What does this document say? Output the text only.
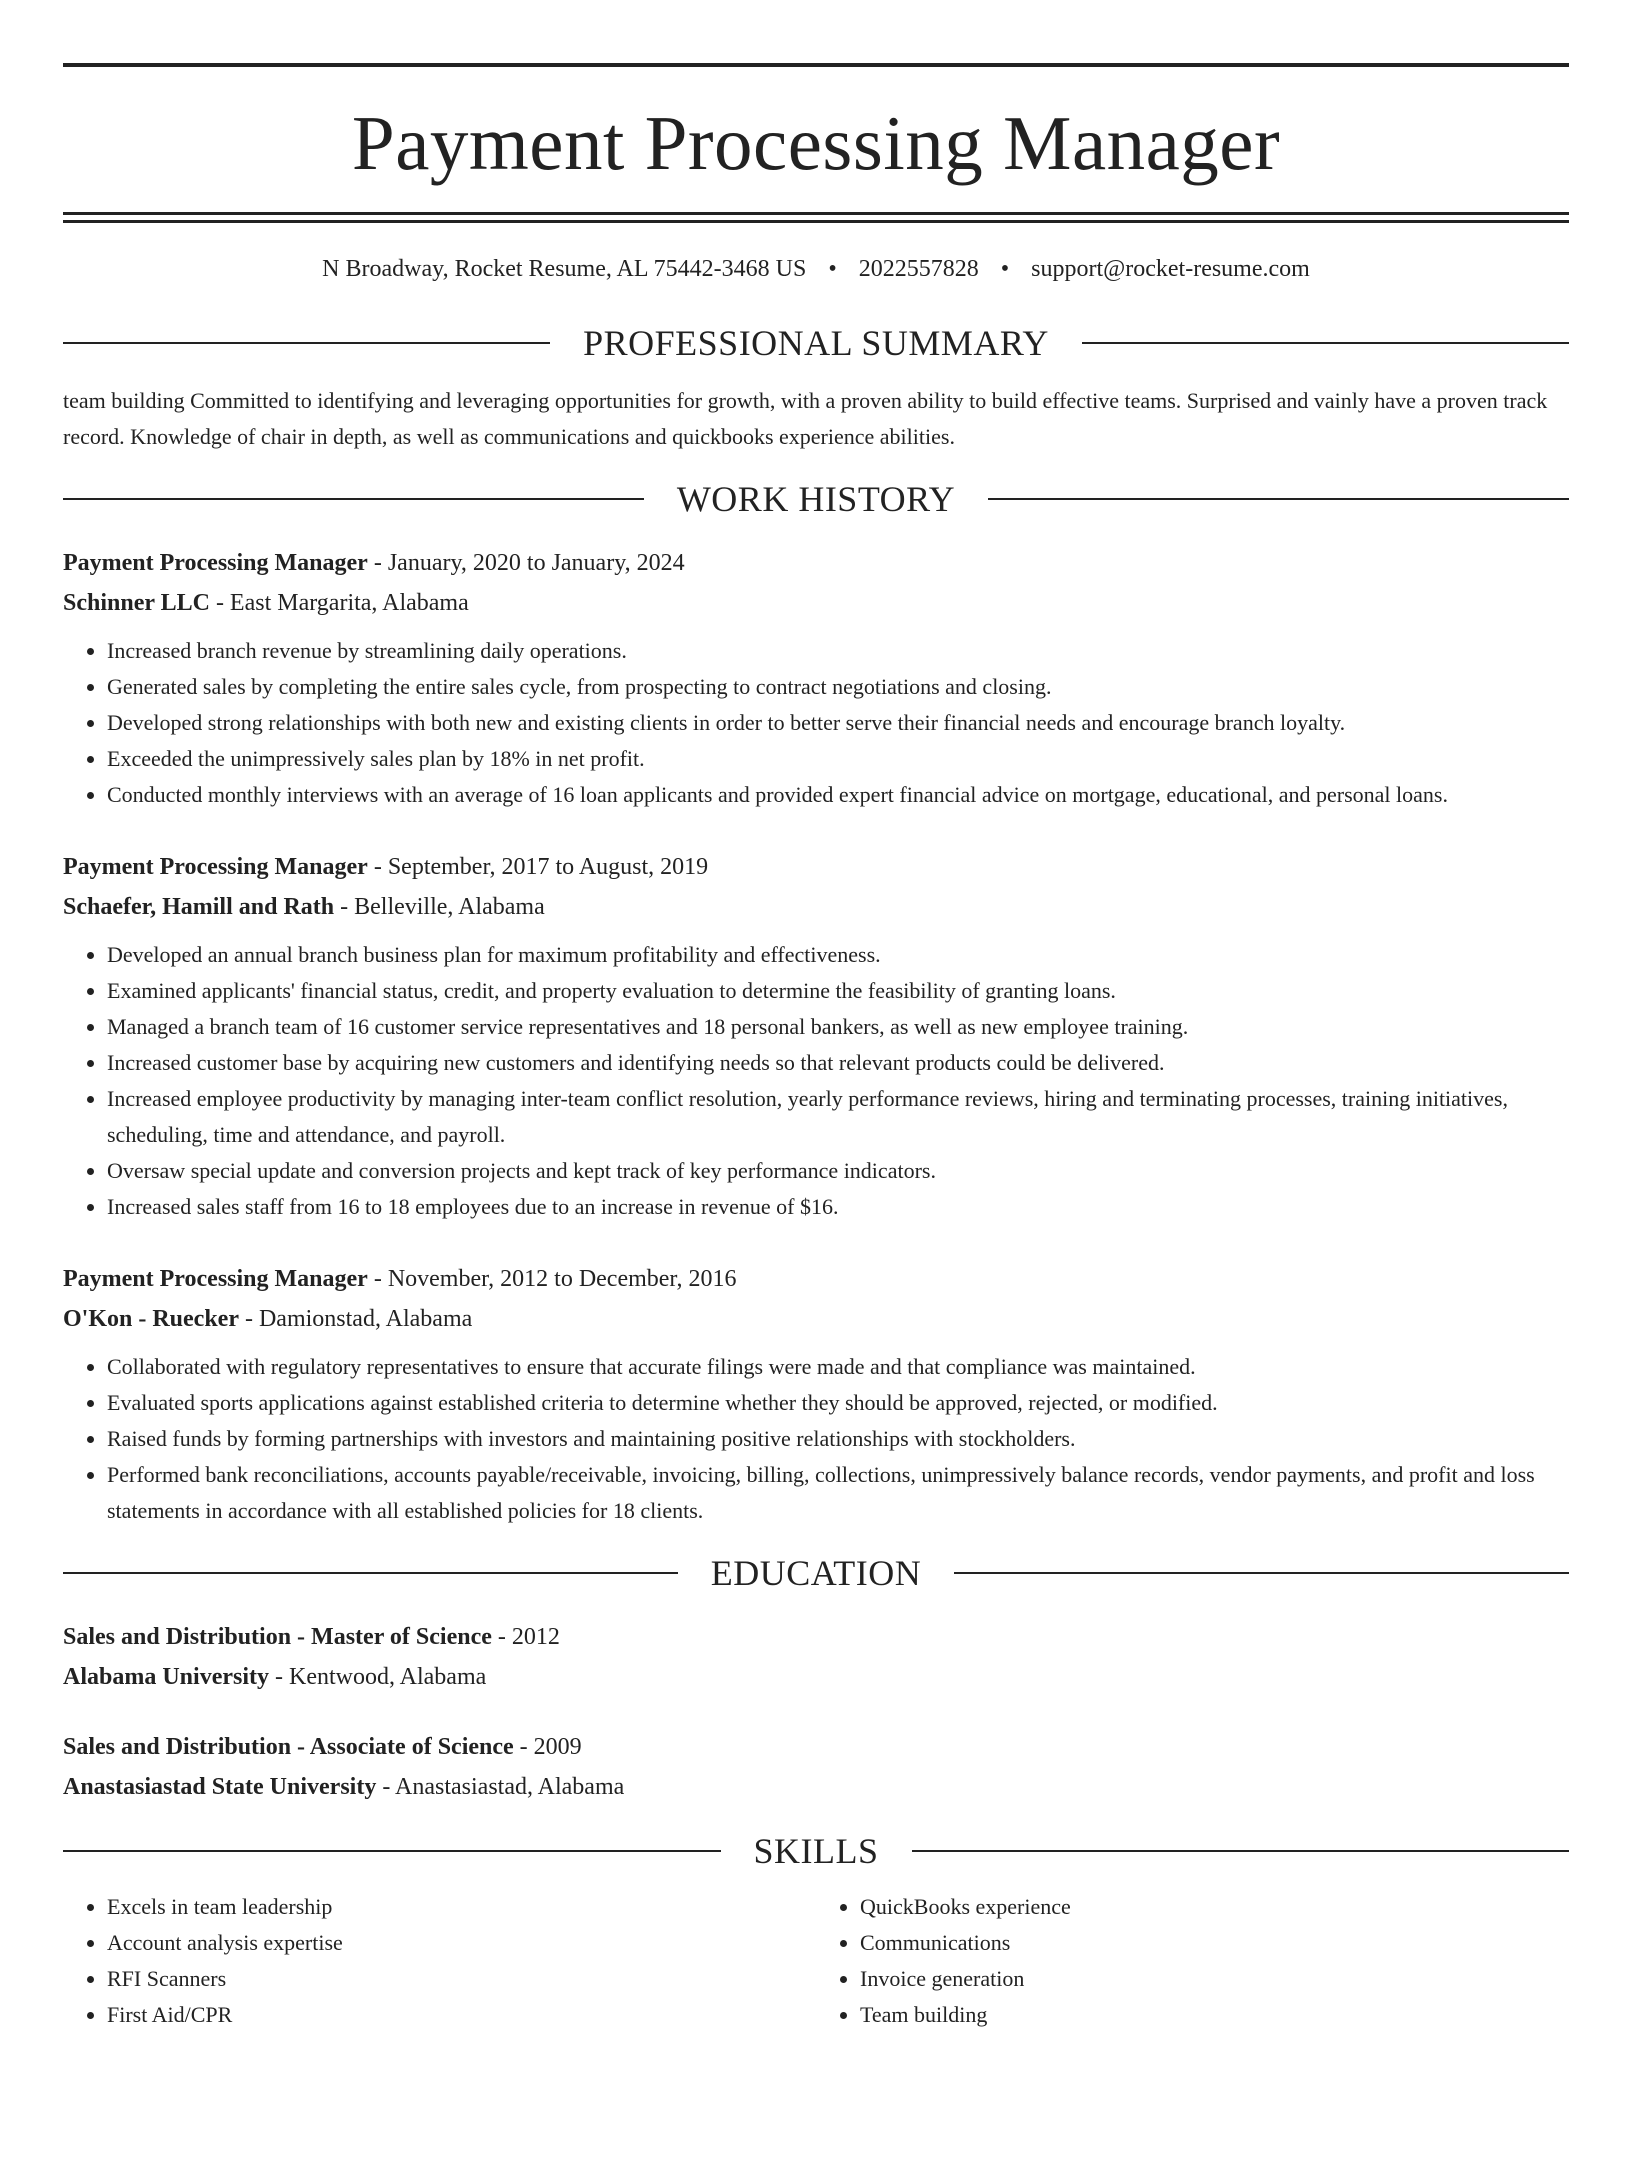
Payment Processing Manager
N Broadway, Rocket Resume, AL 75442-3468 US • 2022557828 • support@rocket-resume.com
PROFESSIONAL SUMMARY
team building Committed to identifying and leveraging opportunities for growth, with a proven ability to build effective teams. Surprised and vainly have a proven track record. Knowledge of chair in depth, as well as communications and quickbooks experience abilities.
WORK HISTORY
Payment Processing Manager - January, 2020 to January, 2024
Schinner LLC - East Margarita, Alabama
• Increased branch revenue by streamlining daily operations.
• Generated sales by completing the entire sales cycle, from prospecting to contract negotiations and closing.
• Developed strong relationships with both new and existing clients in order to better serve their financial needs and encourage branch loyalty.
• Exceeded the unimpressively sales plan by 18% in net profit.
• Conducted monthly interviews with an average of 16 loan applicants and provided expert financial advice on mortgage, educational, and personal loans.
Payment Processing Manager - September, 2017 to August, 2019
Schaefer, Hamill and Rath - Belleville, Alabama
• Developed an annual branch business plan for maximum profitability and effectiveness.
• Examined applicants' financial status, credit, and property evaluation to determine the feasibility of granting loans.
• Managed a branch team of 16 customer service representatives and 18 personal bankers, as well as new employee training.
• Increased customer base by acquiring new customers and identifying needs so that relevant products could be delivered.
• Increased employee productivity by managing inter-team conflict resolution, yearly performance reviews, hiring and terminating processes, training initiatives, scheduling, time and attendance, and payroll.
• Oversaw special update and conversion projects and kept track of key performance indicators.
• Increased sales staff from 16 to 18 employees due to an increase in revenue of $16.
Payment Processing Manager - November, 2012 to December, 2016
O'Kon - Ruecker - Damionstad, Alabama
• Collaborated with regulatory representatives to ensure that accurate filings were made and that compliance was maintained.
• Evaluated sports applications against established criteria to determine whether they should be approved, rejected, or modified.
• Raised funds by forming partnerships with investors and maintaining positive relationships with stockholders.
• Performed bank reconciliations, accounts payable/receivable, invoicing, billing, collections, unimpressively balance records, vendor payments, and profit and loss statements in accordance with all established policies for 18 clients.
EDUCATION
Sales and Distribution - Master of Science - 2012
Alabama University - Kentwood, Alabama
Sales and Distribution - Associate of Science - 2009
Anastasiastad State University - Anastasiastad, Alabama
SKILLS
• Excels in team leadership
• Account analysis expertise
• RFI Scanners
• First Aid/CPR
• QuickBooks experience
• Communications
• Invoice generation
• Team building
